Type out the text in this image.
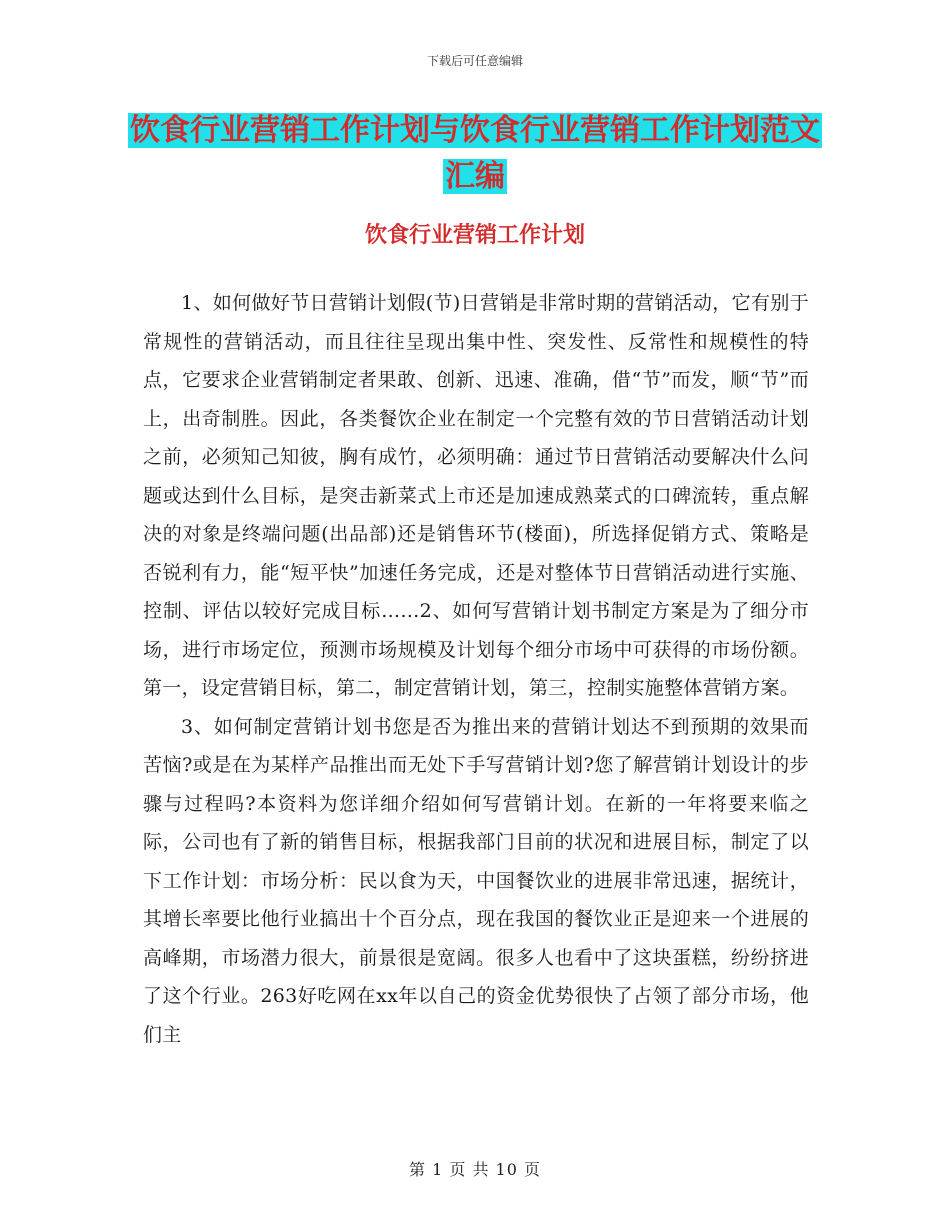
下载后可任意编辑
饮食行业营销工作计划与饮食行业营销工作计划范文
汇编
饮食行业营销工作计划

1、如何做好节日营销计划假(节)日营销是非常时期的营销活动，它有别于常规性的营销活动，而且往往呈现出集中性、突发性、反常性和规模性的特点，它要求企业营销制定者果敢、创新、迅速、准确，借“节”而发，顺“节”而上，出奇制胜。因此，各类餐饮企业在制定一个完整有效的节日营销活动计划之前，必须知己知彼，胸有成竹，必须明确：通过节日营销活动要解决什么问题或达到什么目标，是突击新菜式上市还是加速成熟菜式的口碑流转，重点解决的对象是终端问题(出品部)还是销售环节(楼面)，所选择促销方式、策略是否锐利有力，能“短平快”加速任务完成，还是对整体节日营销活动进行实施、控制、评估以较好完成目标……2、如何写营销计划书制定方案是为了细分市场，进行市场定位，预测市场规模及计划每个细分市场中可获得的市场份额。第一，设定营销目标，第二，制定营销计划，第三，控制实施整体营销方案。

3、如何制定营销计划书您是否为推出来的营销计划达不到预期的效果而苦恼?或是在为某样产品推出而无处下手写营销计划?您了解营销计划设计的步骤与过程吗?本资料为您详细介绍如何写营销计划。在新的一年将要来临之际，公司也有了新的销售目标，根据我部门目前的状况和进展目标，制定了以下工作计划：市场分析：民以食为天，中国餐饮业的进展非常迅速，据统计，其增长率要比他行业搞出十个百分点，现在我国的餐饮业正是迎来一个进展的高峰期，市场潜力很大，前景很是宽阔。很多人也看中了这块蛋糕，纷纷挤进了这个行业。263好吃网在xx年以自己的资金优势很快了占领了部分市场，他们主

第 1 页 共 10 页
